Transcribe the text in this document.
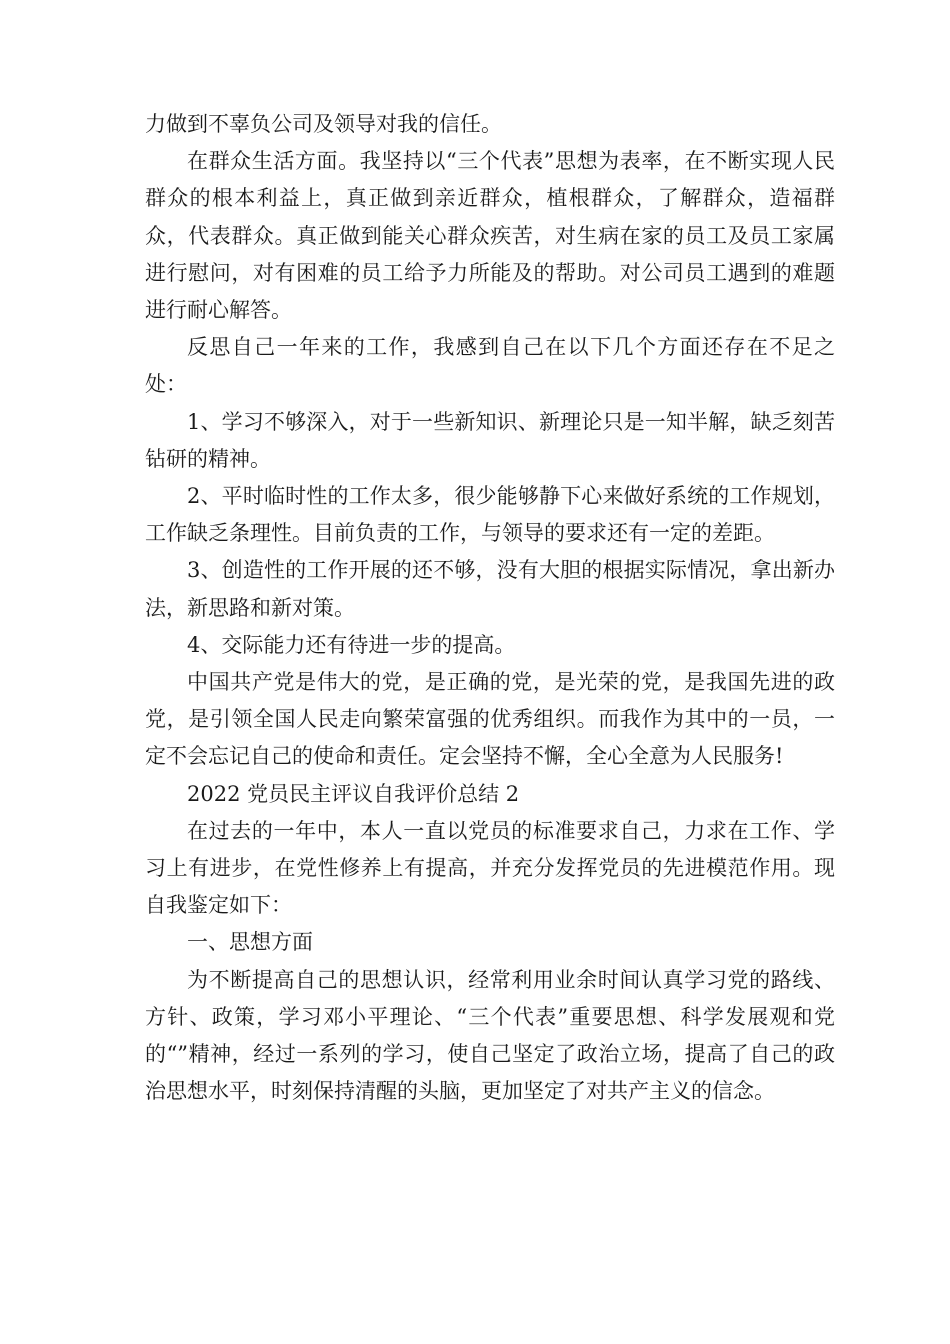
力做到不辜负公司及领导对我的信任。

在群众生活方面。我坚持以“三个代表”思想为表率，在不断实现人民群众的根本利益上，真正做到亲近群众，植根群众，了解群众，造福群众，代表群众。真正做到能关心群众疾苦，对生病在家的员工及员工家属进行慰问，对有困难的员工给予力所能及的帮助。对公司员工遇到的难题进行耐心解答。

反思自己一年来的工作，我感到自己在以下几个方面还存在不足之处：

1、学习不够深入，对于一些新知识、新理论只是一知半解，缺乏刻苦钻研的精神。

2、平时临时性的工作太多，很少能够静下心来做好系统的工作规划，工作缺乏条理性。目前负责的工作，与领导的要求还有一定的差距。

3、创造性的工作开展的还不够，没有大胆的根据实际情况，拿出新办法，新思路和新对策。

4、交际能力还有待进一步的提高。

中国共产党是伟大的党，是正确的党，是光荣的党，是我国先进的政党，是引领全国人民走向繁荣富强的优秀组织。而我作为其中的一员，一定不会忘记自己的使命和责任。定会坚持不懈，全心全意为人民服务!

2022 党员民主评议自我评价总结 2

在过去的一年中，本人一直以党员的标准要求自己，力求在工作、学习上有进步，在党性修养上有提高，并充分发挥党员的先进模范作用。现自我鉴定如下：

一、思想方面

为不断提高自己的思想认识，经常利用业余时间认真学习党的路线、方针、政策，学习邓小平理论、“三个代表”重要思想、科学发展观和党的“”精神，经过一系列的学习，使自己坚定了政治立场，提高了自己的政治思想水平，时刻保持清醒的头脑，更加坚定了对共产主义的信念。
